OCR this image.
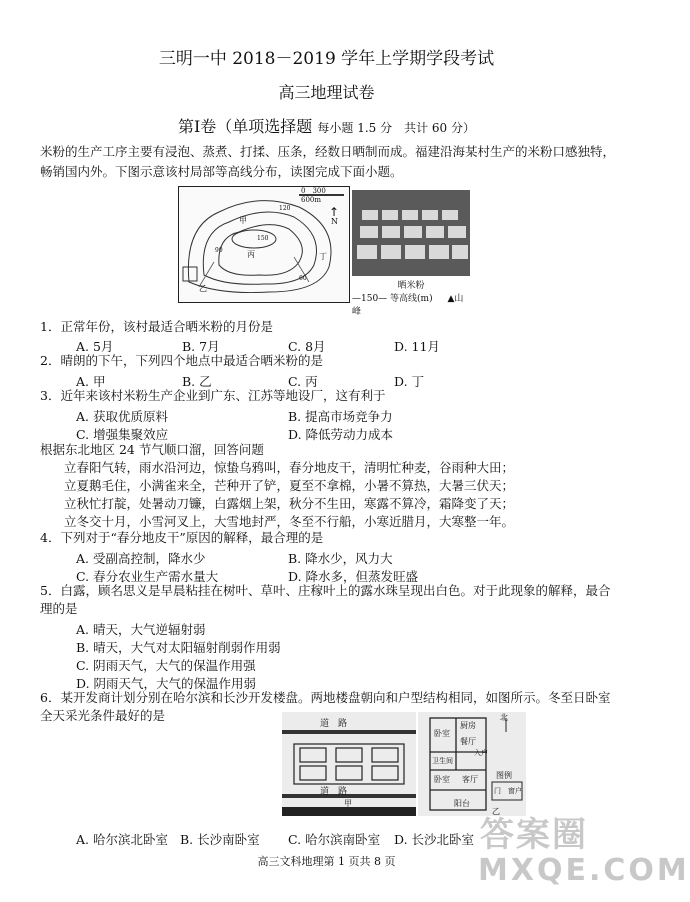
三明一中 2018－2019 学年上学期学段考试
高三地理试卷
第Ⅰ卷（单项选择题 每小题 1.5 分　共计 60 分）
米粉的生产工序主要有浸泡、蒸煮、打揉、压条，经数日晒制而成。福建沿海某村生产的米粉口感独特，
畅销国内外。下图示意该村局部等高线分布，读图完成下面小题。
0　300　600m
↑
N
甲
丙	丁
乙
120
150
90
60
晒米粉
—150— 等高线(m) ▲山峰
1．正常年份，该村最适合晒米粉的月份是
A. 5月	B. 7月	C. 8月	D. 11月
2．晴朗的下午，下列四个地点中最适合晒米粉的是
A. 甲	B. 乙	C. 丙	D. 丁
3．近年来该村米粉生产企业到广东、江苏等地设厂，这有利于
A. 获取优质原料	B. 提高市场竞争力
C. 增强集聚效应	D. 降低劳动力成本
根据东北地区 24 节气顺口溜，回答问题
立春阳气转，雨水沿河边，惊蛰乌鸦叫，春分地皮干，清明忙种麦，谷雨种大田；
立夏鹅毛住，小满雀来全，芒种开了铲，夏至不拿棉，小暑不算热，大暑三伏天；
立秋忙打靛，处暑动刀镰，白露烟上架，秋分不生田，寒露不算冷，霜降变了天；
立冬交十月，小雪河叉上，大雪地封严，冬至不行船，小寒近腊月，大寒整一年。
4．下列对于“春分地皮干”原因的解释，最合理的是
A. 受副高控制，降水少	B. 降水少，风力大
C. 春分农业生产需水量大	D. 降水多，但蒸发旺盛
5．白露，顾名思义是早晨粘挂在树叶、草叶、庄稼叶上的露水珠呈现出白色。对于此现象的解释，最合
理的是
A. 晴天，大气逆辐射弱
B. 晴天，大气对太阳辐射削弱作用弱
C. 阴雨天气，大气的保温作用强
D. 阴雨天气，大气的保温作用弱
6．某开发商计划分别在哈尔滨和长沙开发楼盘。两地楼盘朝向和户型结构相同，如图所示。冬至日卧室
全天采光条件最好的是
道　路
道　路
甲
卧室
厨房
餐厅
入户
卫生间
卧室 客厅
阳台
北
图例
门　窗户
乙
A. 哈尔滨北卧室 B. 长沙南卧室 C. 哈尔滨南卧室 D. 长沙北卧室
高三文科地理第 1 页共 8 页
答案圈
MXQE.COM
